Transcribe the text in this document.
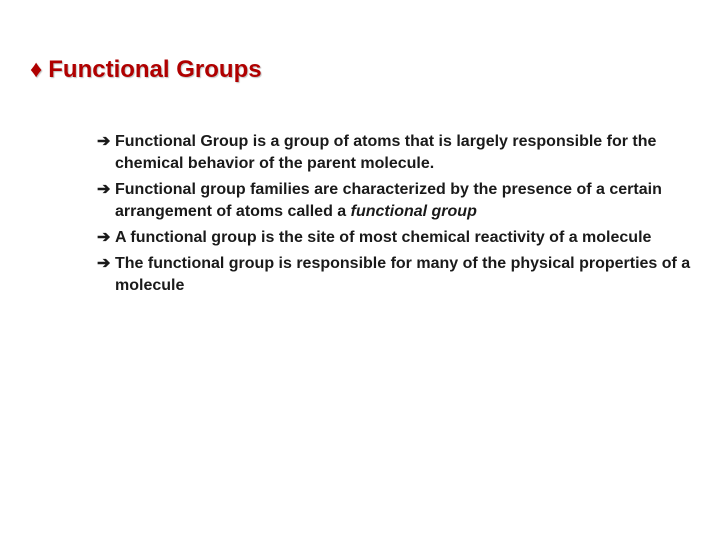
♦ Functional Groups
➔ Functional Group is a group of atoms that is largely responsible for the chemical behavior of the parent molecule.
➔ Functional group families are characterized by the presence of a certain arrangement of atoms called a functional group
➔ A functional group is the site of most chemical reactivity of a molecule
➔ The functional group is responsible for many of the physical properties of a molecule
